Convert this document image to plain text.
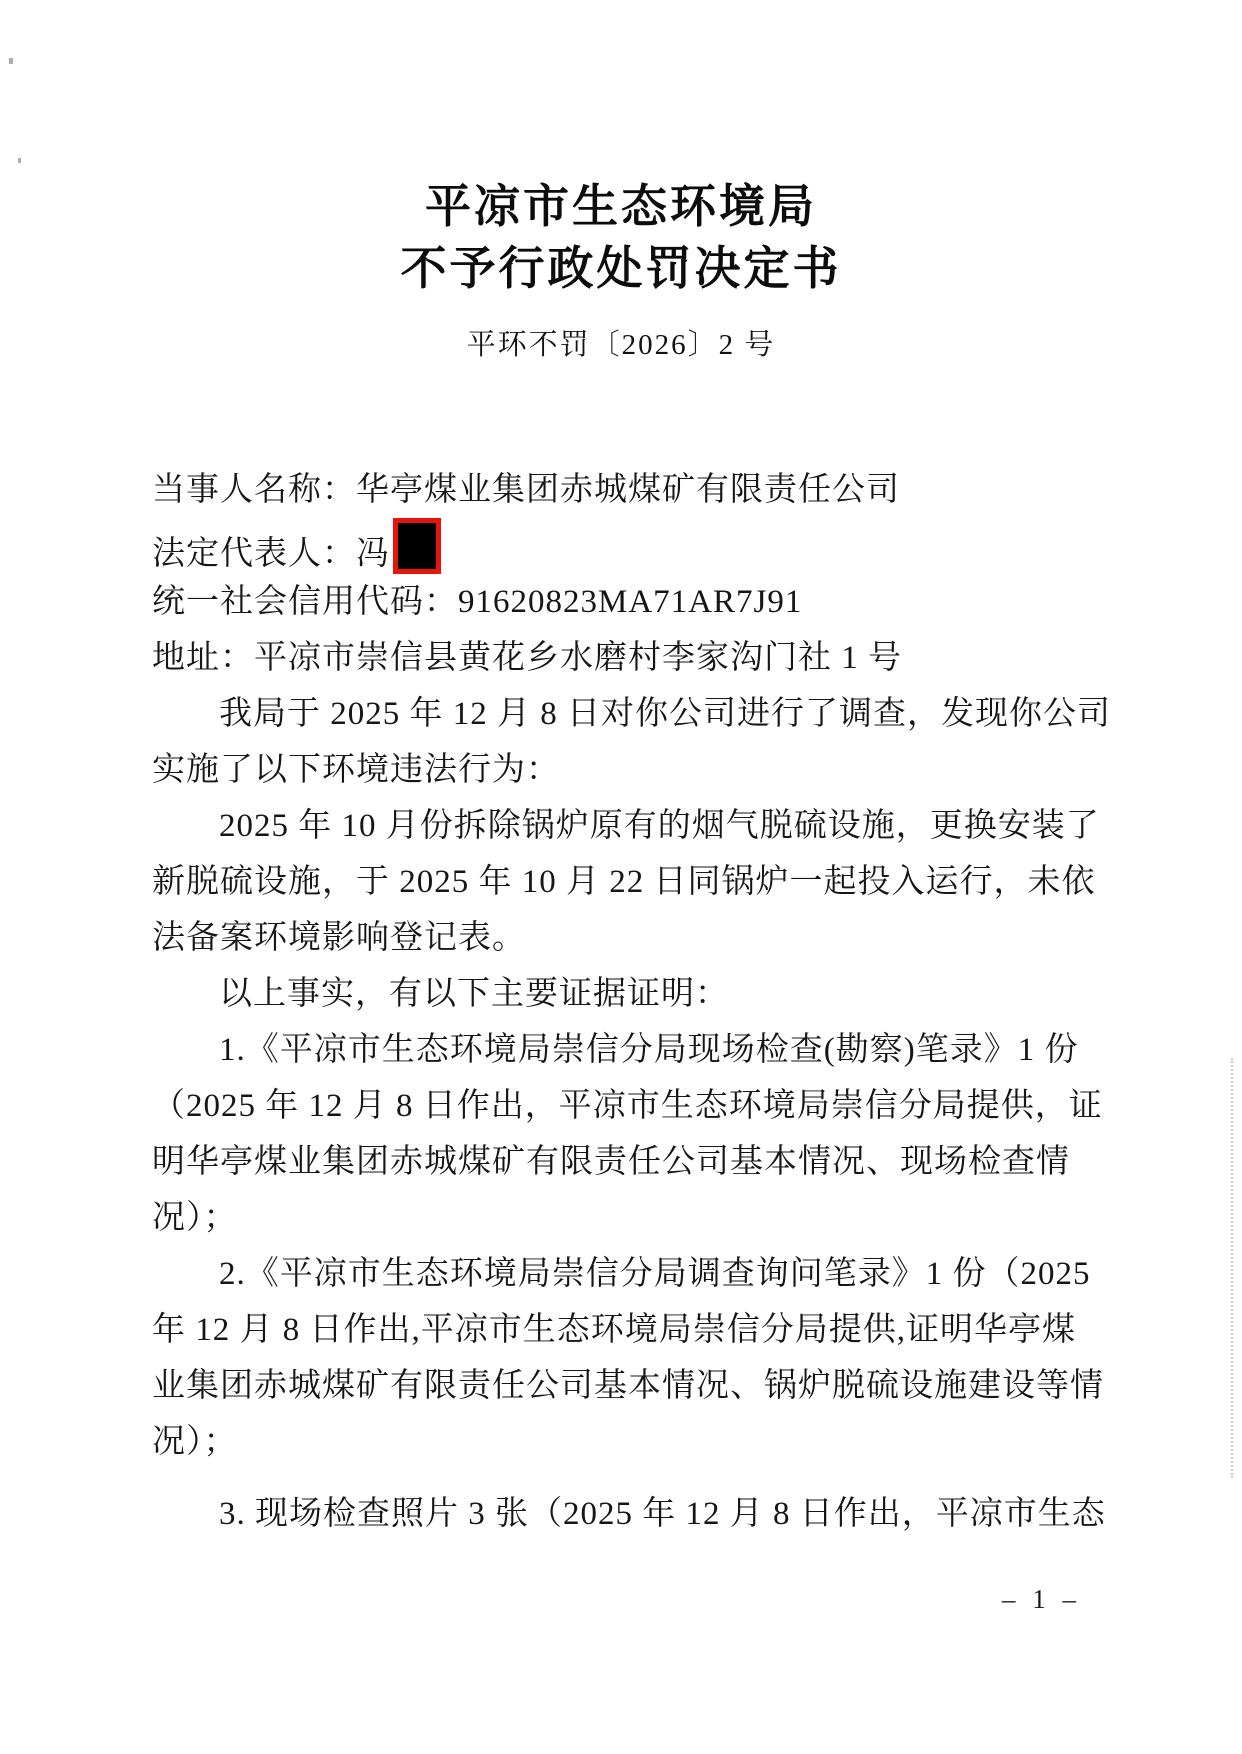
平凉市生态环境局
不予行政处罚决定书
平环不罚〔2026〕2 号
当事人名称：华亭煤业集团赤城煤矿有限责任公司
法定代表人：冯
统一社会信用代码：91620823MA71AR7J91
地址：平凉市崇信县黄花乡水磨村李家沟门社 1 号
我局于 2025 年 12 月 8 日对你公司进行了调查，发现你公司
实施了以下环境违法行为：
2025 年 10 月份拆除锅炉原有的烟气脱硫设施，更换安装了
新脱硫设施，于 2025 年 10 月 22 日同锅炉一起投入运行，未依
法备案环境影响登记表。
以上事实，有以下主要证据证明：
1.《平凉市生态环境局崇信分局现场检查(勘察)笔录》1 份
（2025 年 12 月 8 日作出，平凉市生态环境局崇信分局提供，证
明华亭煤业集团赤城煤矿有限责任公司基本情况、现场检查情
况）；
2.《平凉市生态环境局崇信分局调查询问笔录》1 份（2025
年 12 月 8 日作出,平凉市生态环境局崇信分局提供,证明华亭煤
业集团赤城煤矿有限责任公司基本情况、锅炉脱硫设施建设等情
况）；
3. 现场检查照片 3 张（2025 年 12 月 8 日作出，平凉市生态
– 1 –
